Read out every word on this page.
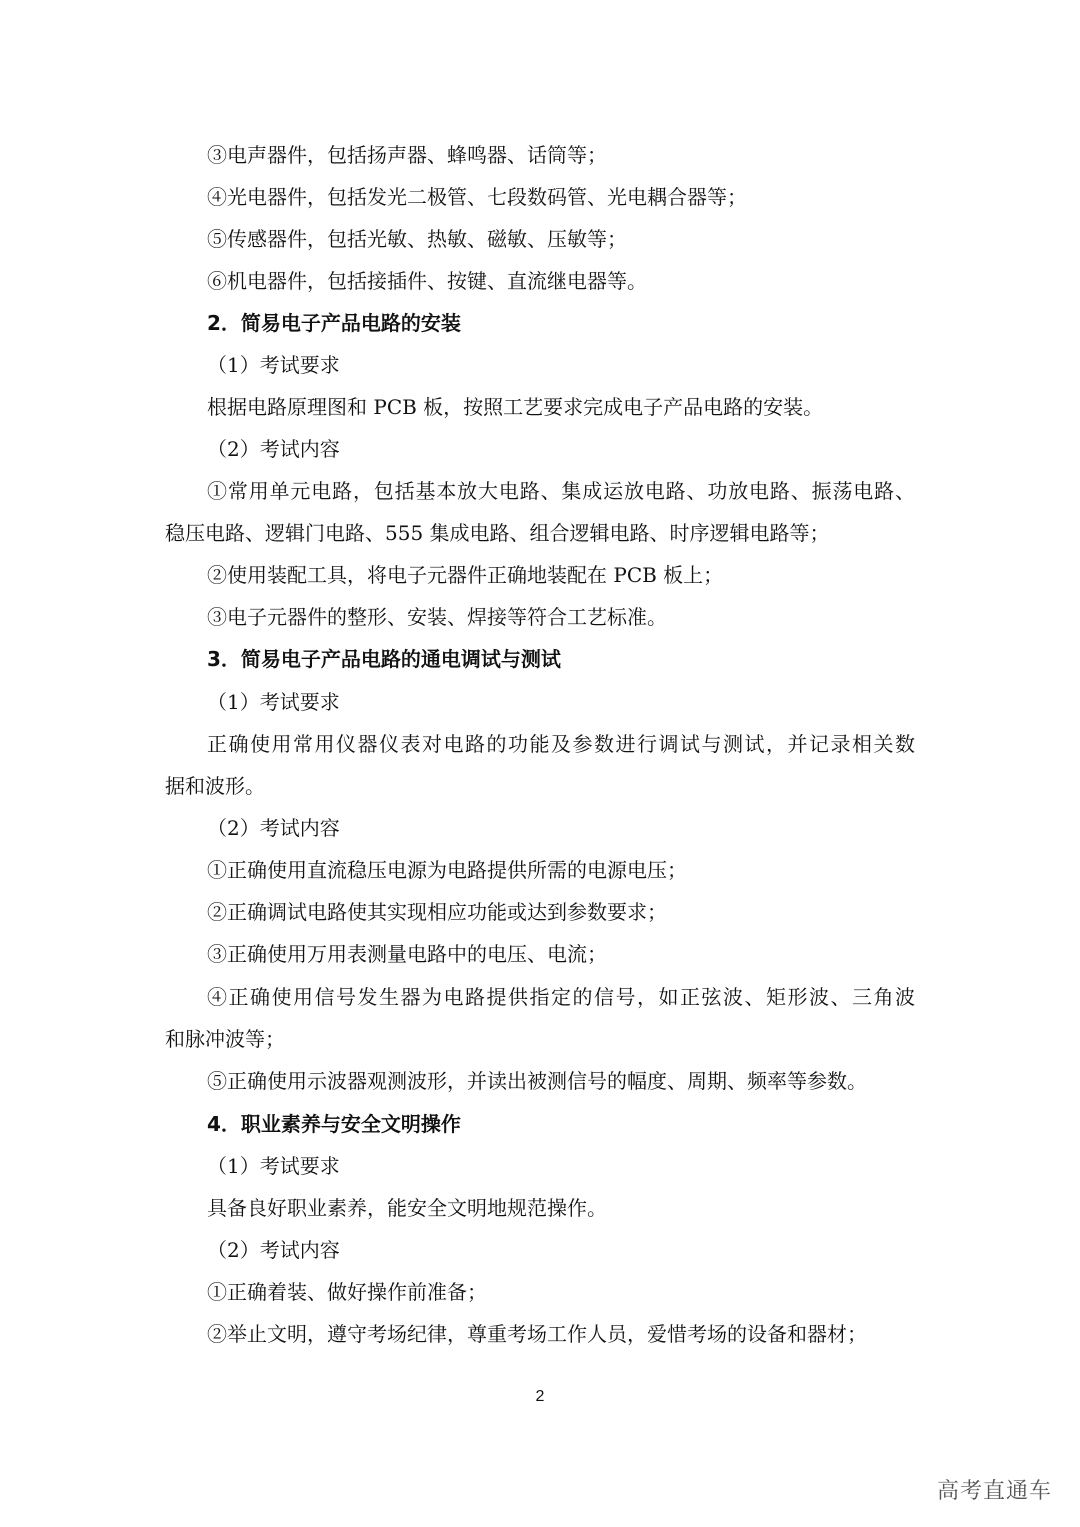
③电声器件，包括扬声器、蜂鸣器、话筒等；
④光电器件，包括发光二极管、七段数码管、光电耦合器等；
⑤传感器件，包括光敏、热敏、磁敏、压敏等；
⑥机电器件，包括接插件、按键、直流继电器等。
2．简易电子产品电路的安装
（1）考试要求
根据电路原理图和 PCB 板，按照工艺要求完成电子产品电路的安装。
（2）考试内容
①常用单元电路，包括基本放大电路、集成运放电路、功放电路、振荡电路、
稳压电路、逻辑门电路、555 集成电路、组合逻辑电路、时序逻辑电路等；
②使用装配工具，将电子元器件正确地装配在 PCB 板上；
③电子元器件的整形、安装、焊接等符合工艺标准。
3．简易电子产品电路的通电调试与测试
（1）考试要求
正确使用常用仪器仪表对电路的功能及参数进行调试与测试，并记录相关数
据和波形。
（2）考试内容
①正确使用直流稳压电源为电路提供所需的电源电压；
②正确调试电路使其实现相应功能或达到参数要求；
③正确使用万用表测量电路中的电压、电流；
④正确使用信号发生器为电路提供指定的信号，如正弦波、矩形波、三角波
和脉冲波等；
⑤正确使用示波器观测波形，并读出被测信号的幅度、周期、频率等参数。
4．职业素养与安全文明操作
（1）考试要求
具备良好职业素养，能安全文明地规范操作。
（2）考试内容
①正确着装、做好操作前准备；
②举止文明，遵守考场纪律，尊重考场工作人员，爱惜考场的设备和器材；
2
高考直通车
